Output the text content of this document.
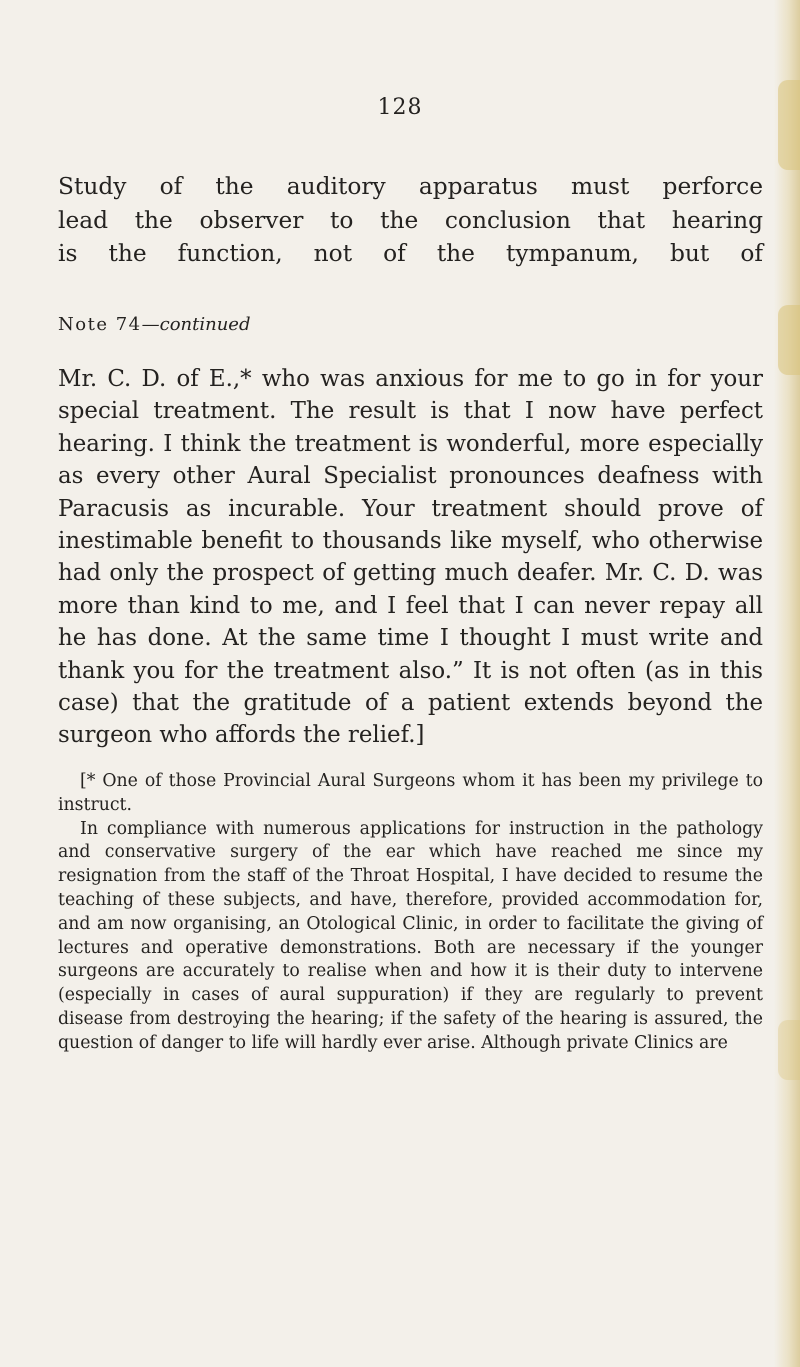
128

Study of the auditory apparatus must perforce
lead the observer to the conclusion that hearing
is the function, not of the tympanum, but of

Note 74—continued

Mr. C. D. of E.,* who was anxious for me to go in for your special treatment. The result is that I now have perfect hearing. I think the treatment is wonderful, more especially as every other Aural Specialist pronounces deafness with Paracusis as incurable. Your treatment should prove of inestimable benefit to thousands like myself, who otherwise had only the prospect of getting much deafer. Mr. C. D. was more than kind to me, and I feel that I can never repay all he has done. At the same time I thought I must write and thank you for the treatment also.” It is not often (as in this case) that the gratitude of a patient extends beyond the surgeon who affords the relief.]

[* One of those Provincial Aural Surgeons whom it has been my privilege to instruct.
In compliance with numerous applications for instruction in the pathology and conservative surgery of the ear which have reached me since my resignation from the staff of the Throat Hospital, I have decided to resume the teaching of these subjects, and have, therefore, provided accommodation for, and am now organising, an Otological Clinic, in order to facilitate the giving of lectures and operative demonstrations. Both are necessary if the younger surgeons are accurately to realise when and how it is their duty to intervene (especially in cases of aural suppuration) if they are regularly to prevent disease from destroying the hearing; if the safety of the hearing is assured, the question of danger to life will hardly ever arise. Although private Clinics are
